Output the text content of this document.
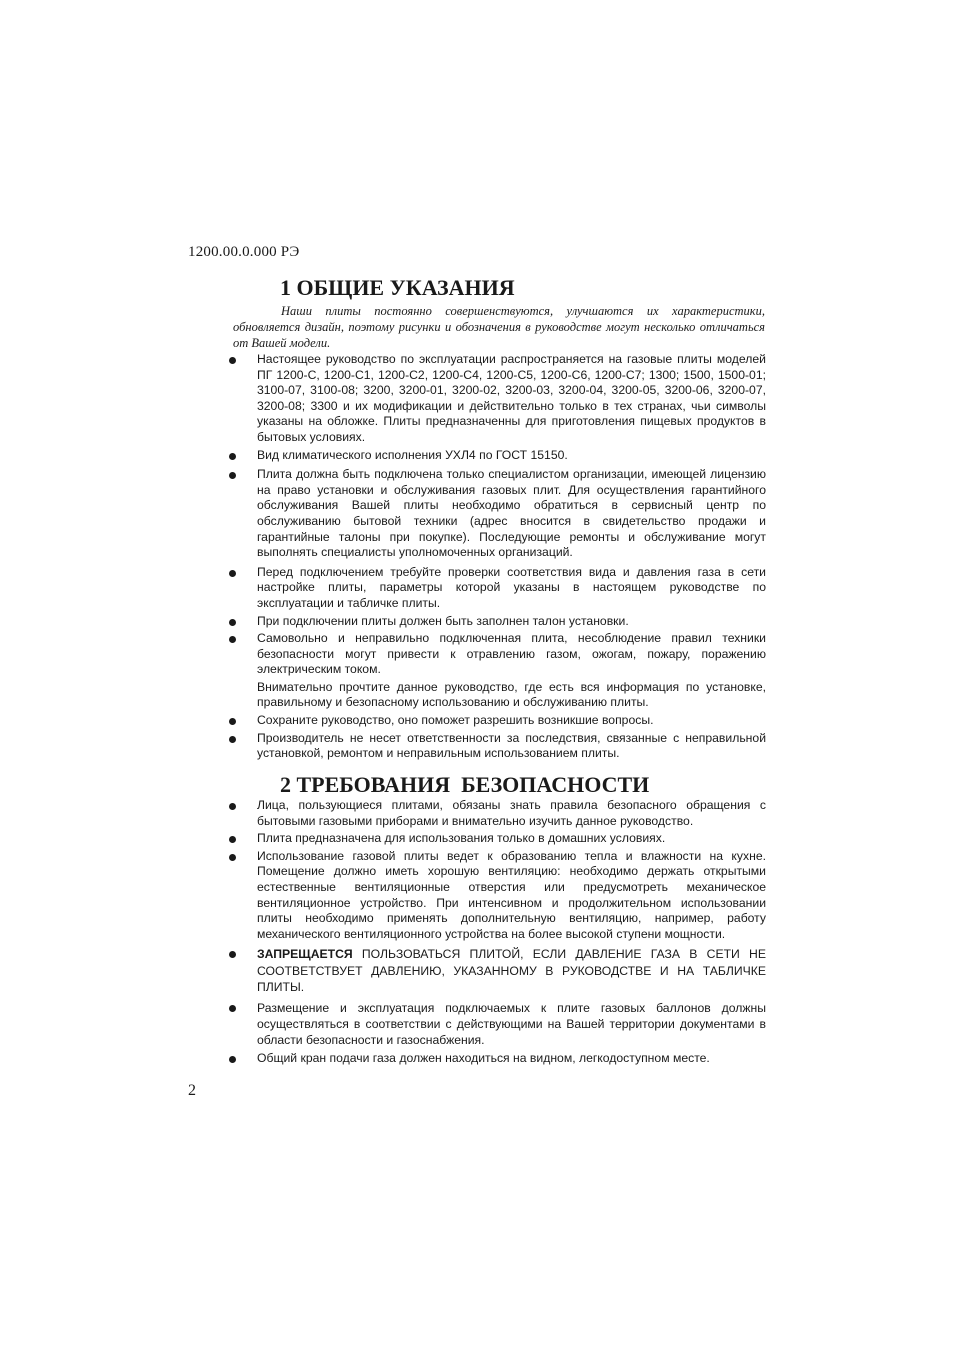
1200.00.0.000 РЭ
1 ОБЩИЕ УКАЗАНИЯ

Наши плиты постоянно совершенствуются, улучшаются их характеристики, обновляется дизайн, поэтому рисунки и обозначения в руководстве могут несколько отличаться от Вашей модели.

Настоящее руководство по эксплуатации распространяется на газовые плиты моделей ПГ 1200-С, 1200-С1, 1200-С2, 1200-С4, 1200-С5, 1200-С6, 1200-С7; 1300; 1500, 1500-01; 3100-07, 3100-08; 3200, 3200-01, 3200-02, 3200-03, 3200-04, 3200-05, 3200-06, 3200-07, 3200-08; 3300 и их модификации и действительно только в тех странах, чьи символы указаны на обложке. Плиты предназначенны для приготовления пищевых продуктов в бытовых условиях.
Вид климатического исполнения УХЛ4 по ГОСТ 15150.
Плита должна быть подключена только специалистом организации, имеющей лицензию на право установки и обслуживания газовых плит. Для осуществления гарантийного обслуживания Вашей плиты необходимо обратиться в сервисный центр по обслуживанию бытовой техники (адрес вносится в свидетельство продажи и гарантийные талоны при покупке). Последующие ремонты и обслуживание могут выполнять специалисты уполномоченных организаций.
Перед подключением требуйте проверки соответствия вида и давления газа в сети настройке плиты, параметры которой указаны в настоящем руководстве по эксплуатации и табличке плиты.
При подключении плиты должен быть заполнен талон установки.
Самовольно и неправильно подключенная плита, несоблюдение правил техники безопасности могут привести к отравлению газом, ожогам, пожару, поражению электрическим током.
Внимательно прочтите данное руководство, где есть вся информация по установке, правильному и безопасному использованию и обслуживанию плиты.
Сохраните руководство, оно поможет разрешить возникшие вопросы.
Производитель не несет ответственности за последствия, связанные с неправильной установкой, ремонтом и неправильным использованием плиты.
2 ТРЕБОВАНИЯ  БЕЗОПАСНОСТИ
Лица, пользующиеся плитами, обязаны знать правила безопасного обращения с бытовыми газовыми приборами и внимательно изучить данное руководство.
Плита предназначена для использования только в домашних условиях.
Использование газовой плиты ведет к образованию тепла и влажности на кухне. Помещение должно иметь хорошую вентиляцию: необходимо держать открытыми естественные вентиляционные отверстия или предусмотреть механическое вентиляционное устройство. При интенсивном и продолжительном использовании плиты необходимо применять дополнительную вентиляцию, например, работу механического вентиляционного устройства на более высокой ступени мощности.
ЗАПРЕЩАЕТСЯ ПОЛЬЗОВАТЬСЯ ПЛИТОЙ, ЕСЛИ ДАВЛЕНИЕ ГАЗА В СЕТИ НЕ СООТВЕТСТВУЕТ ДАВЛЕНИЮ, УКАЗАННОМУ В РУКОВОДСТВЕ И НА ТАБЛИЧКЕ ПЛИТЫ.
Размещение и эксплуатация подключаемых к плите газовых баллонов должны осуществляться в соответствии с действующими на Вашей территории документами в области безопасности и газоснабжения.
Общий кран подачи газа должен находиться на видном, легкодоступном месте.
2
